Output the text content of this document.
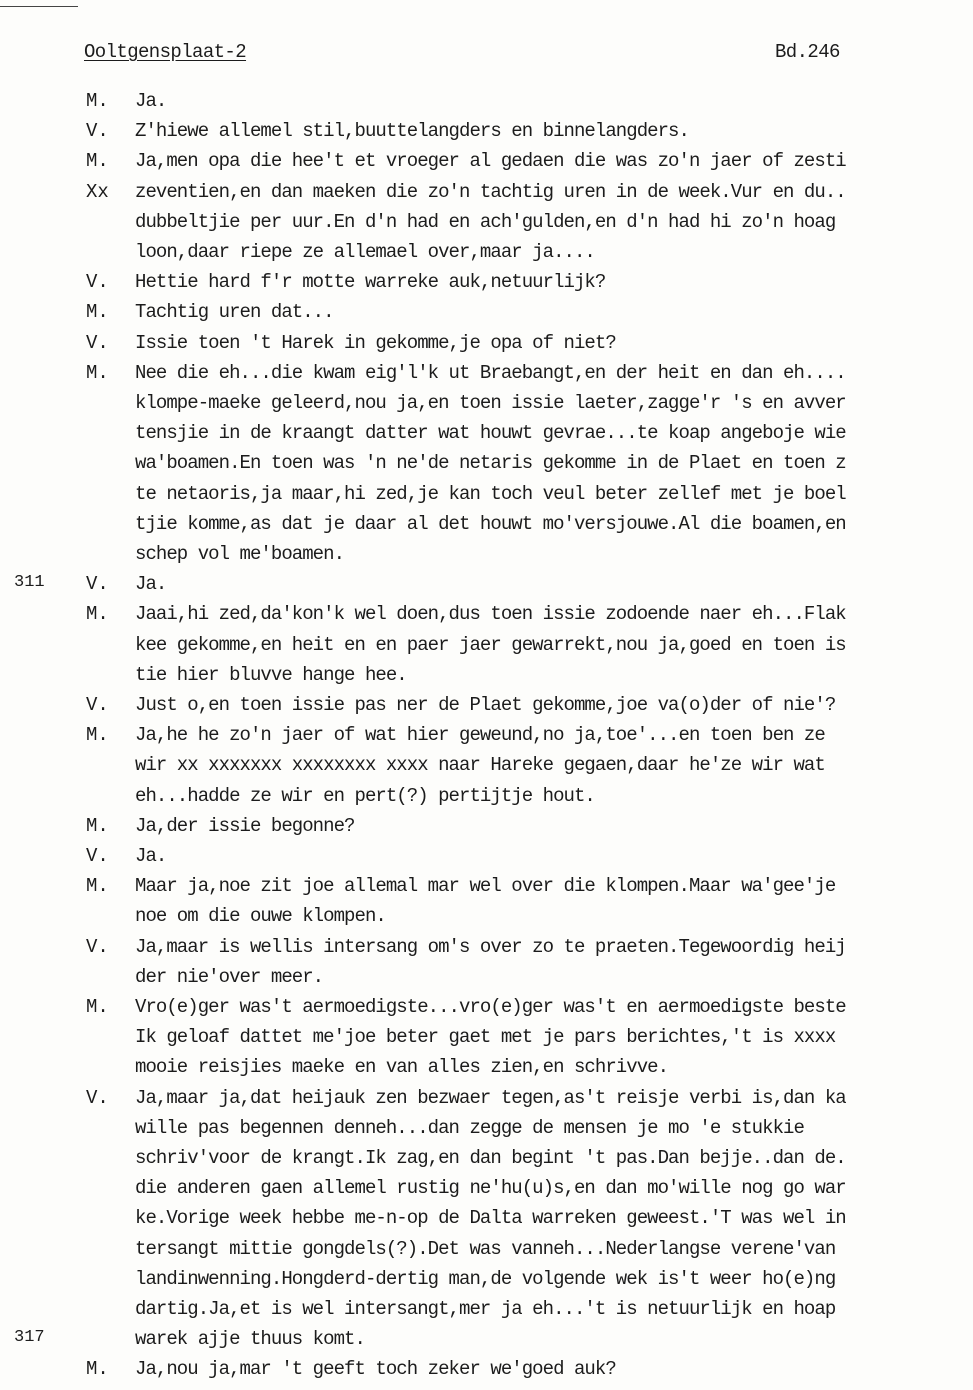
Ooltgensplaat-2	Bd.246
M. Ja.
V. Z'hiewe allemel stil,buuttelangders en binnelangders.
M. Ja,men opa die hee't et vroeger al gedaen die was zo'n jaer of zesti
Xx zeventien,en dan maeken die zo'n tachtig uren in de week.Vur en du..
dubbeltjie per uur.En d'n had en ach'gulden,en d'n had hi zo'n hoag
loon,daar riepe ze allemael over,maar ja....
V. Hettie hard f'r motte warreke auk,netuurlijk?
M. Tachtig uren dat...
V. Issie toen 't Harek in gekomme,je opa of niet?
M. Nee die eh...die kwam eig'l'k ut Braebangt,en der heit en dan eh....
klompe-maeke geleerd,nou ja,en toen issie laeter,zagge'r 's en avver
tensjie in de kraangt datter wat houwt gevrae...te koap angeboje wie
wa'boamen.En toen was 'n ne'de netaris gekomme in de Plaet en toen z
te netaoris,ja maar,hi zed,je kan toch veul beter zellef met je boel
tjie komme,as dat je daar al det houwt mo'versjouwe.Al die boamen,en
schep vol me'boamen.
311 V. Ja.
M. Jaai,hi zed,da'kon'k wel doen,dus toen issie zodoende naer eh...Flak
kee gekomme,en heit en en paer jaer gewarrekt,nou ja,goed en toen is
tie hier bluvve hange hee.
V. Just o,en toen issie pas ner de Plaet gekomme,joe va(o)der of nie'?
M. Ja,he he zo'n jaer of wat hier geweund,no ja,toe'...en toen ben ze
wir xx xxxxxxx xxxxxxxx xxxx naar Hareke gegaen,daar he'ze wir wat
eh...hadde ze wir en pert(?) pertijtje hout.
M. Ja,der issie begonne?
V. Ja.
M. Maar ja,noe zit joe allemal mar wel over die klompen.Maar wa'gee'je
noe om die ouwe klompen.
V. Ja,maar is wellis intersang om's over zo te praeten.Tegewoordig heij
der nie'over meer.
M. Vro(e)ger was't aermoedigste...vro(e)ger was't en aermoedigste beste
Ik geloaf dattet me'joe beter gaet met je pars berichtes,'t is xxxx
mooie reisjies maeke en van alles zien,en schrivve.
V. Ja,maar ja,dat heijauk zen bezwaer tegen,as't reisje verbi is,dan ka
wille pas begennen denneh...dan zegge de mensen je mo 'e stukkie
schriv'voor de krangt.Ik zag,en dan begint 't pas.Dan bejje..dan de.
die anderen gaen allemel rustig ne'hu(u)s,en dan mo'wille nog go war
ke.Vorige week hebbe me-n-op de Dalta warreken geweest.'T was wel in
tersangt mittie gongdels(?).Det was vanneh...Nederlangse verene'van
landinwenning.Hongderd-dertig man,de volgende wek is't weer ho(e)ng
dartig.Ja,et is wel intersangt,mer ja eh...'t is netuurlijk en hoap
317	warek ajje thuus komt.
M. Ja,nou ja,mar 't geeft toch zeker we'goed auk?
